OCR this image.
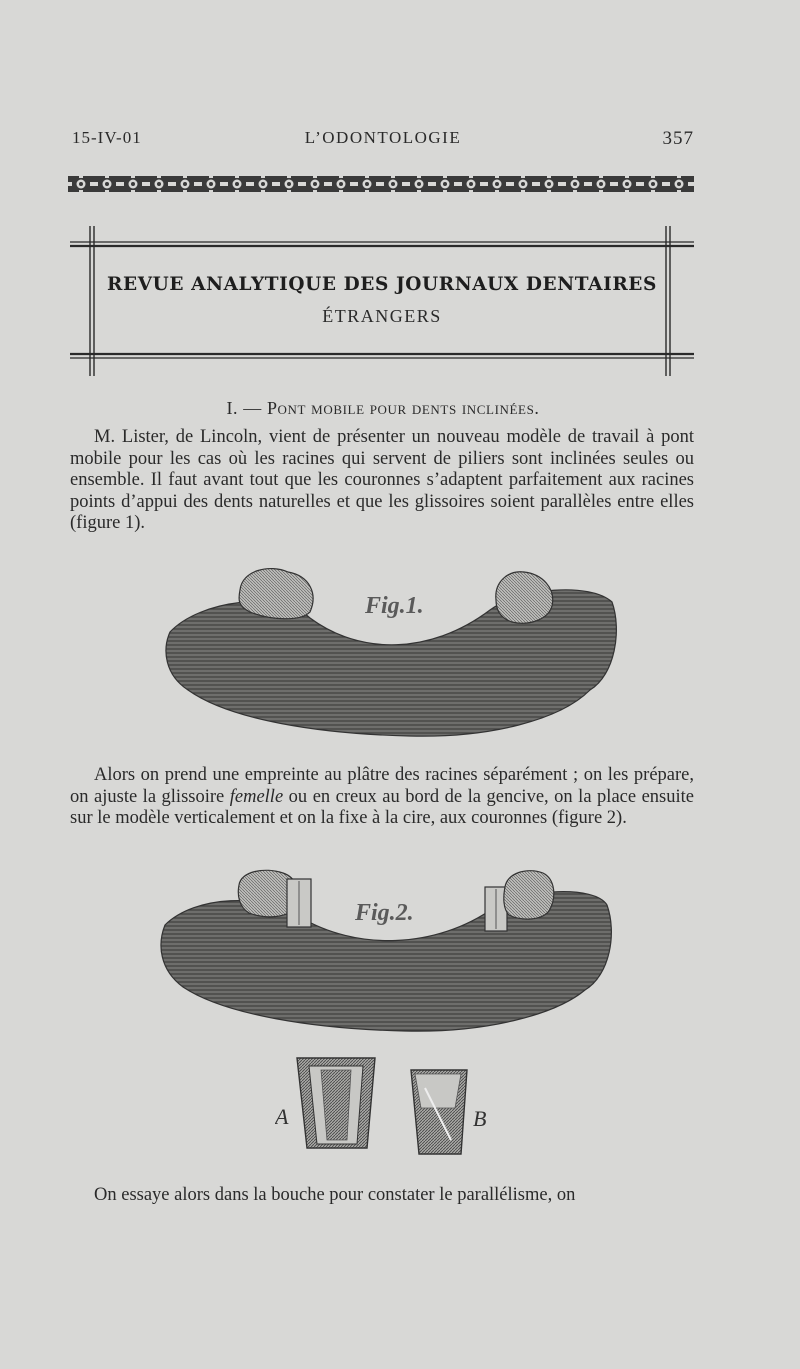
15-IV-01	L’ODONTOLOGIE	357
REVUE ANALYTIQUE DES JOURNAUX DENTAIRES
ÉTRANGERS
I. — Pont mobile pour dents inclinées.

M. Lister, de Lincoln, vient de présenter un nouveau modèle de travail à pont mobile pour les cas où les racines qui servent de piliers sont inclinées seules ou ensemble. Il faut avant tout que les couronnes s’adaptent parfaitement aux racines points d’appui des dents naturelles et que les glissoires soient parallèles entre elles (figure 1).

Fig.1.

Alors on prend une empreinte au plâtre des racines séparément ; on les prépare, on ajuste la glissoire femelle ou en creux au bord de la gencive, on la place ensuite sur le modèle verticalement et on la fixe à la cire, aux couronnes (figure 2).

Fig.2.
A	B

On essaye alors dans la bouche pour constater le parallélisme, on
